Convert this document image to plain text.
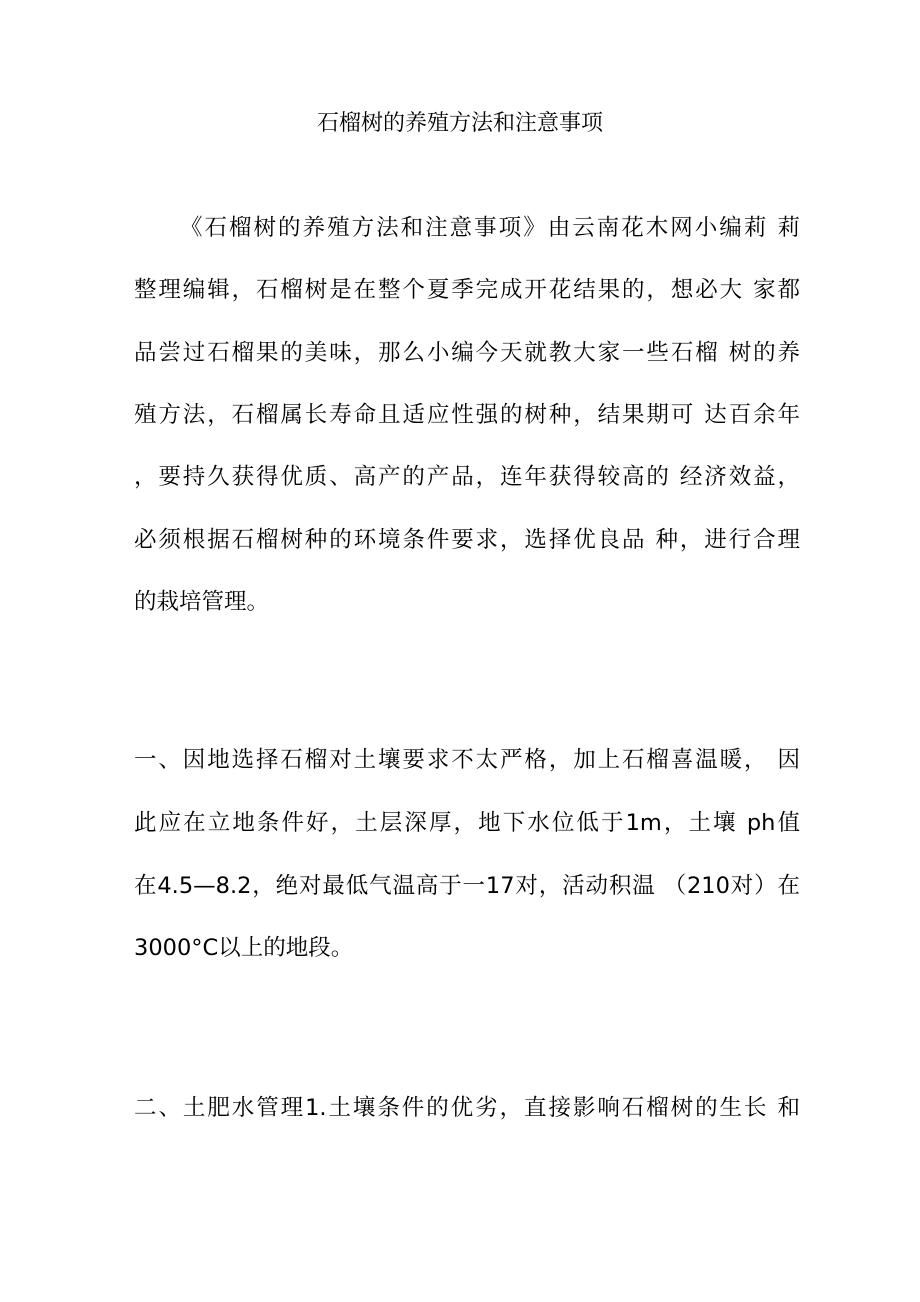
石榴树的养殖方法和注意事项
《石榴树的养殖方法和注意事项》由云南花木网小编莉 莉
整理编辑，石榴树是在整个夏季完成开花结果的，想必大 家都
品尝过石榴果的美味，那么小编今天就教大家一些石榴 树的养
殖方法，石榴属长寿命且适应性强的树种，结果期可 达百余年
，要持久获得优质、高产的产品，连年获得较高的 经济效益，
必须根据石榴树种的环境条件要求，选择优良品 种，进行合理
的栽培管理。
一、因地选择石榴对土壤要求不太严格，加上石榴喜温暖， 因
此应在立地条件好，土层深厚，地下水位低于1m，土壤 ph值
在4.5—8.2，绝对最低气温高于一17对，活动积温 （210对）在
3000°C以上的地段。
二、土肥水管理1.土壤条件的优劣，直接影响石榴树的生长 和
